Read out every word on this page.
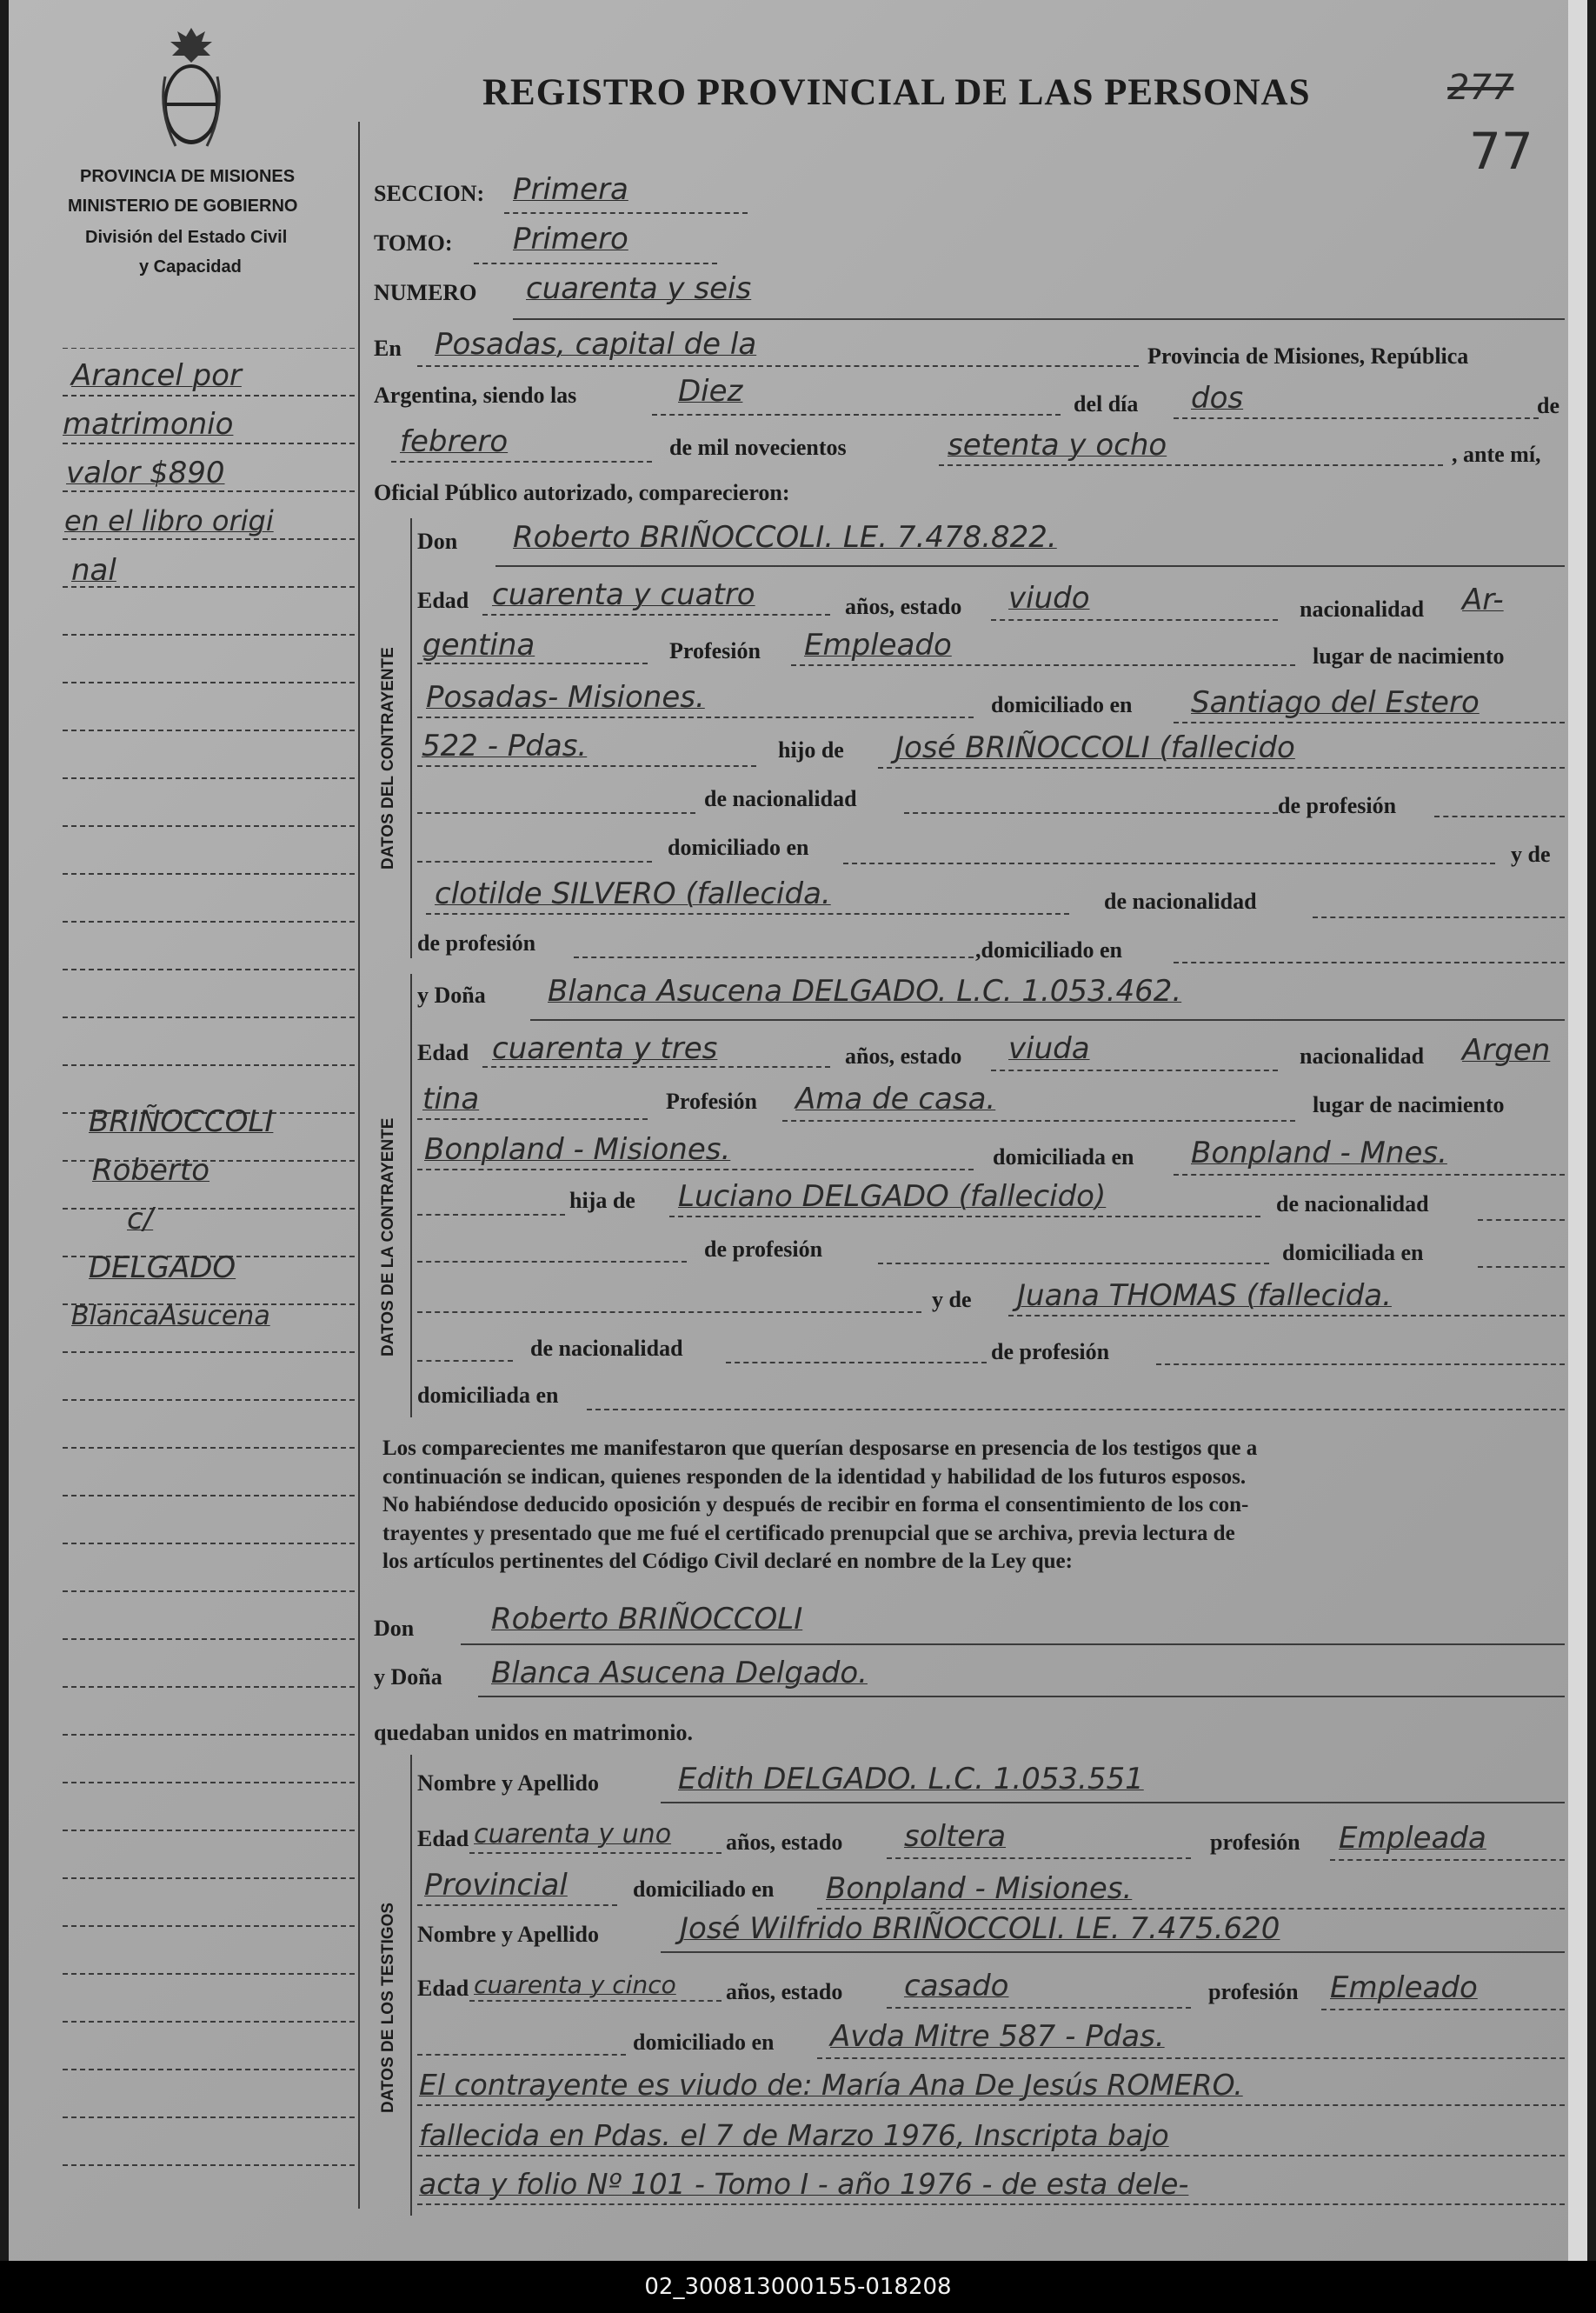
REGISTRO PROVINCIAL DE LAS PERSONAS	277
77
PROVINCIA DE MISIONES
MINISTERIO DE GOBIERNO
División del Estado Civil
y Capacidad
Arancel por
matrimonio
valor $890
en el libro origi
nal
BRIÑOCCOLI
Roberto
c/
DELGADO
BlancaAsucena
SECCION: Primera
TOMO: Primero
NUMERO cuarenta y seis
En Posadas, capital de la	Provincia de Misiones, República
Argentina, siendo las	Diez	del día dos	de
febrero	de mil novecientos	setenta y ocho	, ante mí,
Oficial Público autorizado, comparecieron:
DATOS DEL CONTRAYENTE
Don Roberto BRIÑOCCOLI. LE. 7.478.822.
Edad cuarenta y cuatro	años, estado viudo	nacionalidad Ar-
gentina	Profesión Empleado	lugar de nacimiento
Posadas- Misiones.	domiciliado en Santiago del Estero
522 - Pdas.	hijo de José BRIÑOCCOLI (fallecido
de nacionalidad	de profesión
domiciliado en	y de
clotilde SILVERO (fallecida.	de nacionalidad
de profesión	,domiciliado en
DATOS DE LA CONTRAYENTE
y Doña Blanca Asucena DELGADO. L.C. 1.053.462.
Edad cuarenta y tres	años, estado viuda	nacionalidad Argen
tina	Profesión Ama de casa.	lugar de nacimiento
Bonpland - Misiones.	domiciliada en Bonpland - Mnes.
hija de Luciano DELGADO (fallecido)	de nacionalidad
de profesión	domiciliada en
y de Juana THOMAS (fallecida.
de nacionalidad	de profesión
domiciliada en
Los comparecientes me manifestaron que querían desposarse en presencia de los testigos que a
continuación se indican, quienes responden de la identidad y habilidad de los futuros esposos.
No habiéndose deducido oposición y después de recibir en forma el consentimiento de los con-
trayentes y presentado que me fué el certificado prenupcial que se archiva, previa lectura de
los artículos pertinentes del Código Civil declaré en nombre de la Ley que:
Don	Roberto BRIÑOCCOLI
y Doña Blanca Asucena Delgado.
quedaban unidos en matrimonio.
DATOS DE LOS TESTIGOS
Nombre y Apellido	Edith DELGADO. L.C. 1.053.551
Edad cuarenta y uno años, estado soltera	profesión Empleada
Provincial	domiciliado en Bonpland - Misiones.
Nombre y Apellido	José Wilfrido BRIÑOCCOLI. LE. 7.475.620
Edad cuarenta y cinco años, estado casado	profesión Empleado
domiciliado en Avda Mitre 587 - Pdas.
El contrayente es viudo de: María Ana De Jesús ROMERO.
fallecida en Pdas. el 7 de Marzo 1976, Inscripta bajo
acta y folio Nº 101 - Tomo I - año 1976 - de esta dele-
02_300813000155-018208
